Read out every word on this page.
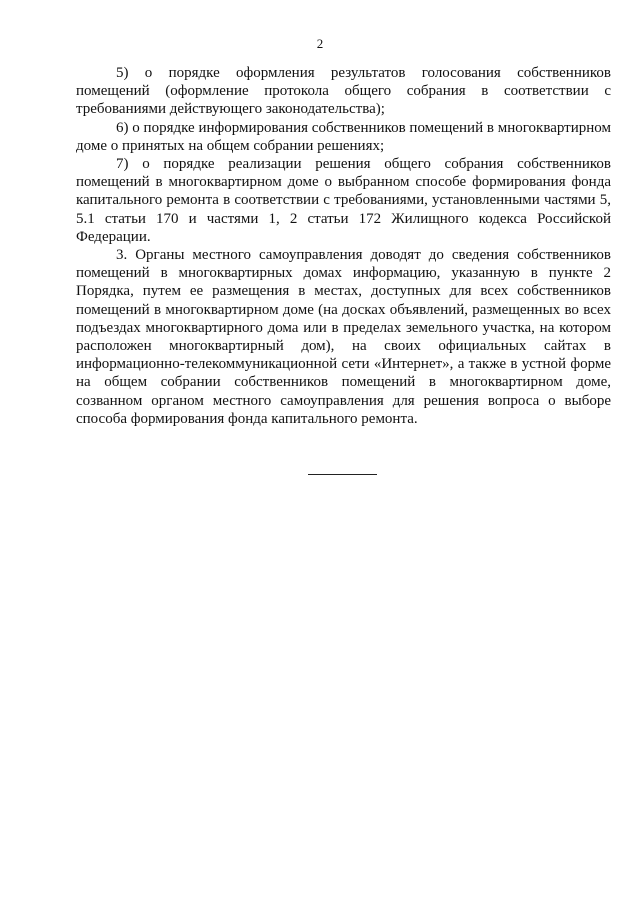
2

5) о порядке оформления результатов голосования собственников помещений (оформление протокола общего собрания в соответствии с требованиями действующего законодательства);

6) о порядке информирования собственников помещений в многоквартирном доме о принятых на общем собрании решениях;

7) о порядке реализации решения общего собрания собственников помещений в многоквартирном доме о выбранном способе формирования фонда капитального ремонта в соответствии с требованиями, установленными частями 5, 5.1 статьи 170 и частями 1, 2 статьи 172 Жилищного кодекса Российской Федерации.

3. Органы местного самоуправления доводят до сведения собственников помещений в многоквартирных домах информацию, указанную в пункте 2 Порядка, путем ее размещения в местах, доступных для всех собственников помещений в многоквартирном доме (на досках объявлений, размещенных во всех подъездах многоквартирного дома или в пределах земельного участка, на котором расположен многоквартирный дом), на своих официальных сайтах в информационно-телекоммуникационной сети «Интернет», а также в устной форме на общем собрании собственников помещений в многоквартирном доме, созванном органом местного самоуправления для решения вопроса о выборе способа формирования фонда капитального ремонта.
